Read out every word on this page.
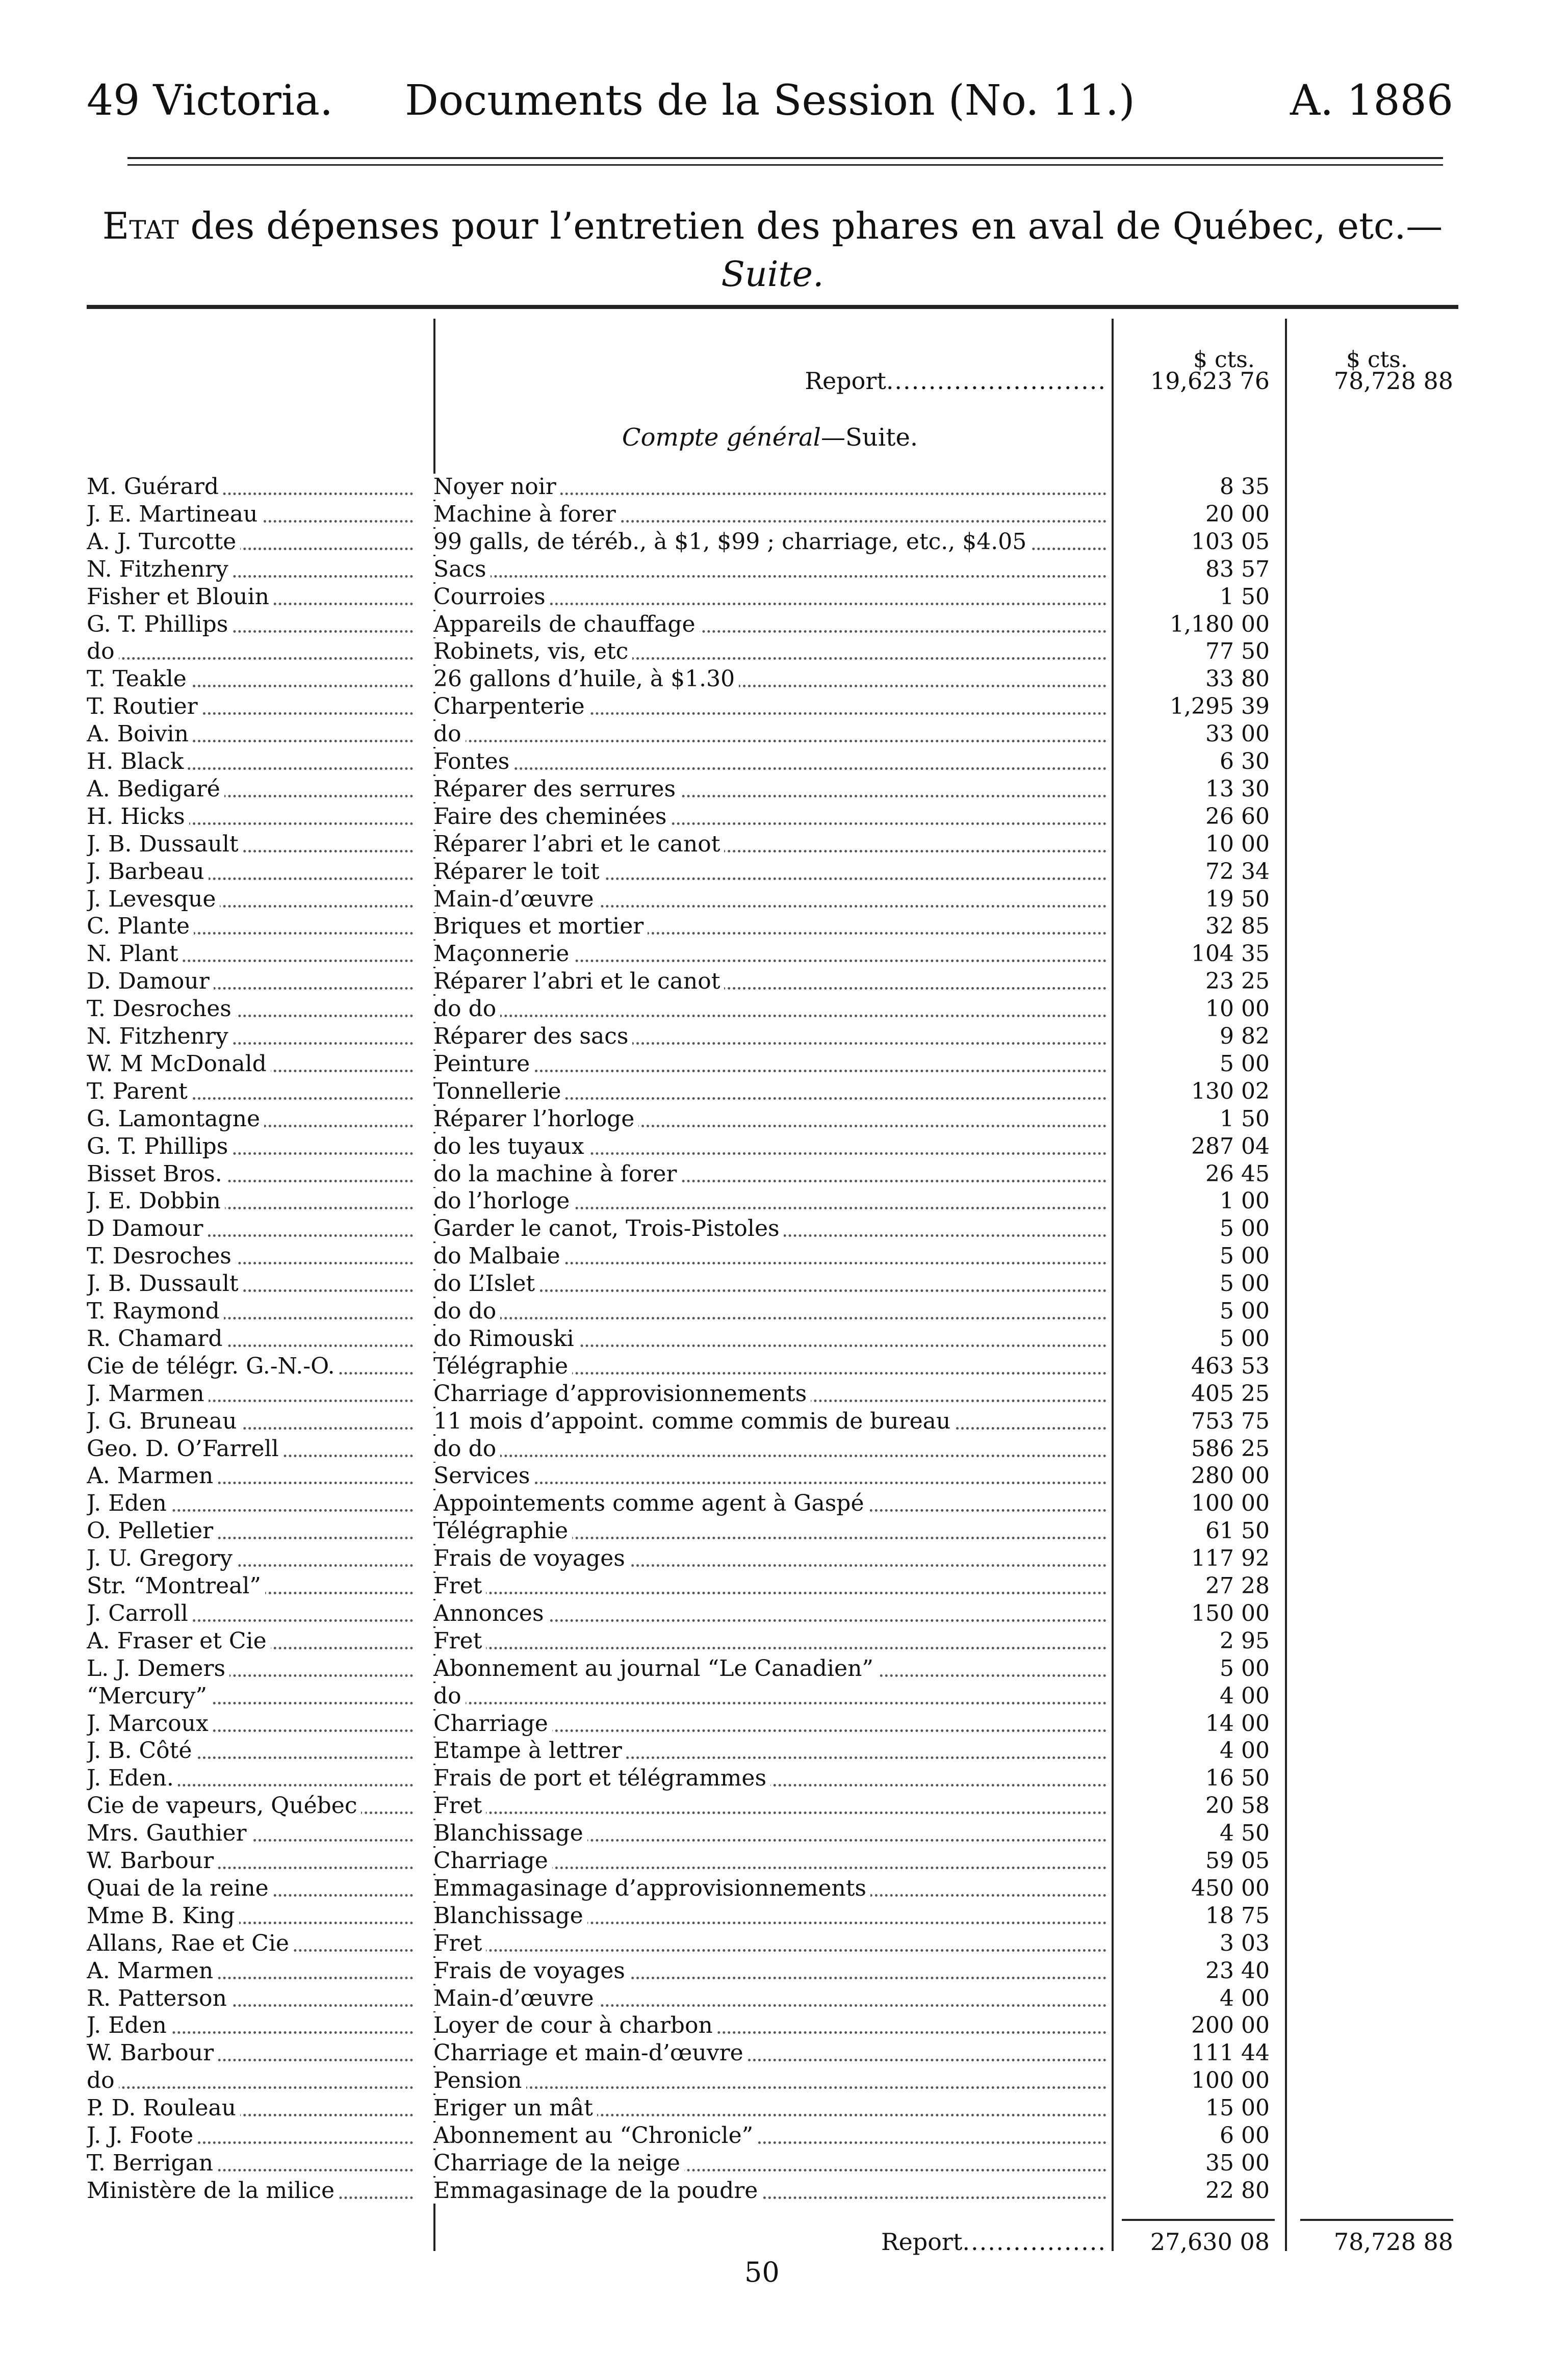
49 Victoria. Documents de la Session (No. 11.)	A. 1886
Etat des dépenses pour l’entretien des phares en aval de Québec, etc.—
Suite.
$ cts.	$ cts.
Report..........................	19,623 76	78,728 88
Compte général—Suite.
M. Guérard	Noyer noir	8 35
J. E. Martineau	Machine à forer	20 00
A. J. Turcotte	99 galls, de téréb., à $1, $99 ; charriage, etc., $4.05	103 05
N. Fitzhenry	Sacs	83 57
Fisher et Blouin	Courroies	1 50
G. T. Phillips	Appareils de chauffage	1,180 00
do	Robinets, vis, etc	77 50
T. Teakle	26 gallons d’huile, à $1.30	33 80
T. Routier	Charpenterie	1,295 39
A. Boivin	do	33 00
H. Black	Fontes	6 30
A. Bedigaré	Réparer des serrures	13 30
H. Hicks	Faire des cheminées	26 60
J. B. Dussault	Réparer l’abri et le canot	10 00
J. Barbeau	Réparer le toit	72 34
J. Levesque	Main-d’œuvre	19 50
C. Plante	Briques et mortier	32 85
N. Plant	Maçonnerie	104 35
D. Damour	Réparer l’abri et le canot	23 25
T. Desroches	do do	10 00
N. Fitzhenry	Réparer des sacs	9 82
W. M McDonald	Peinture	5 00
T. Parent	Tonnellerie	130 02
G. Lamontagne	Réparer l’horloge	1 50
G. T. Phillips	do les tuyaux	287 04
Bisset Bros.	do la machine à forer	26 45
J. E. Dobbin	do l’horloge	1 00
D Damour	Garder le canot, Trois-Pistoles	5 00
T. Desroches	do Malbaie	5 00
J. B. Dussault	do L’Islet	5 00
T. Raymond	do do	5 00
R. Chamard	do Rimouski	5 00
Cie de télégr. G.-N.-O.	Télégraphie	463 53
J. Marmen	Charriage d’approvisionnements	405 25
J. G. Bruneau	11 mois d’appoint. comme commis de bureau	753 75
Geo. D. O’Farrell	do do	586 25
A. Marmen	Services	280 00
J. Eden	Appointements comme agent à Gaspé	100 00
O. Pelletier	Télégraphie	61 50
J. U. Gregory	Frais de voyages	117 92
Str. “Montreal”	Fret	27 28
J. Carroll	Annonces	150 00
A. Fraser et Cie	Fret	2 95
L. J. Demers	Abonnement au journal “Le Canadien”	5 00
“Mercury”	do	4 00
J. Marcoux	Charriage	14 00
J. B. Côté	Etampe à lettrer	4 00
J. Eden.	Frais de port et télégrammes	16 50
Cie de vapeurs, Québec	Fret	20 58
Mrs. Gauthier	Blanchissage	4 50
W. Barbour	Charriage	59 05
Quai de la reine	Emmagasinage d’approvisionnements	450 00
Mme B. King	Blanchissage	18 75
Allans, Rae et Cie	Fret	3 03
A. Marmen	Frais de voyages	23 40
R. Patterson	Main-d’œuvre	4 00
J. Eden	Loyer de cour à charbon	200 00
W. Barbour	Charriage et main-d’œuvre	111 44
do	Pension	100 00
P. D. Rouleau	Eriger un mât	15 00
J. J. Foote	Abonnement au “Chronicle”	6 00
T. Berrigan	Charriage de la neige	35 00
Ministère de la milice	Emmagasinage de la poudre	22 80
Report.................	27,630 08	78,728 88
50
